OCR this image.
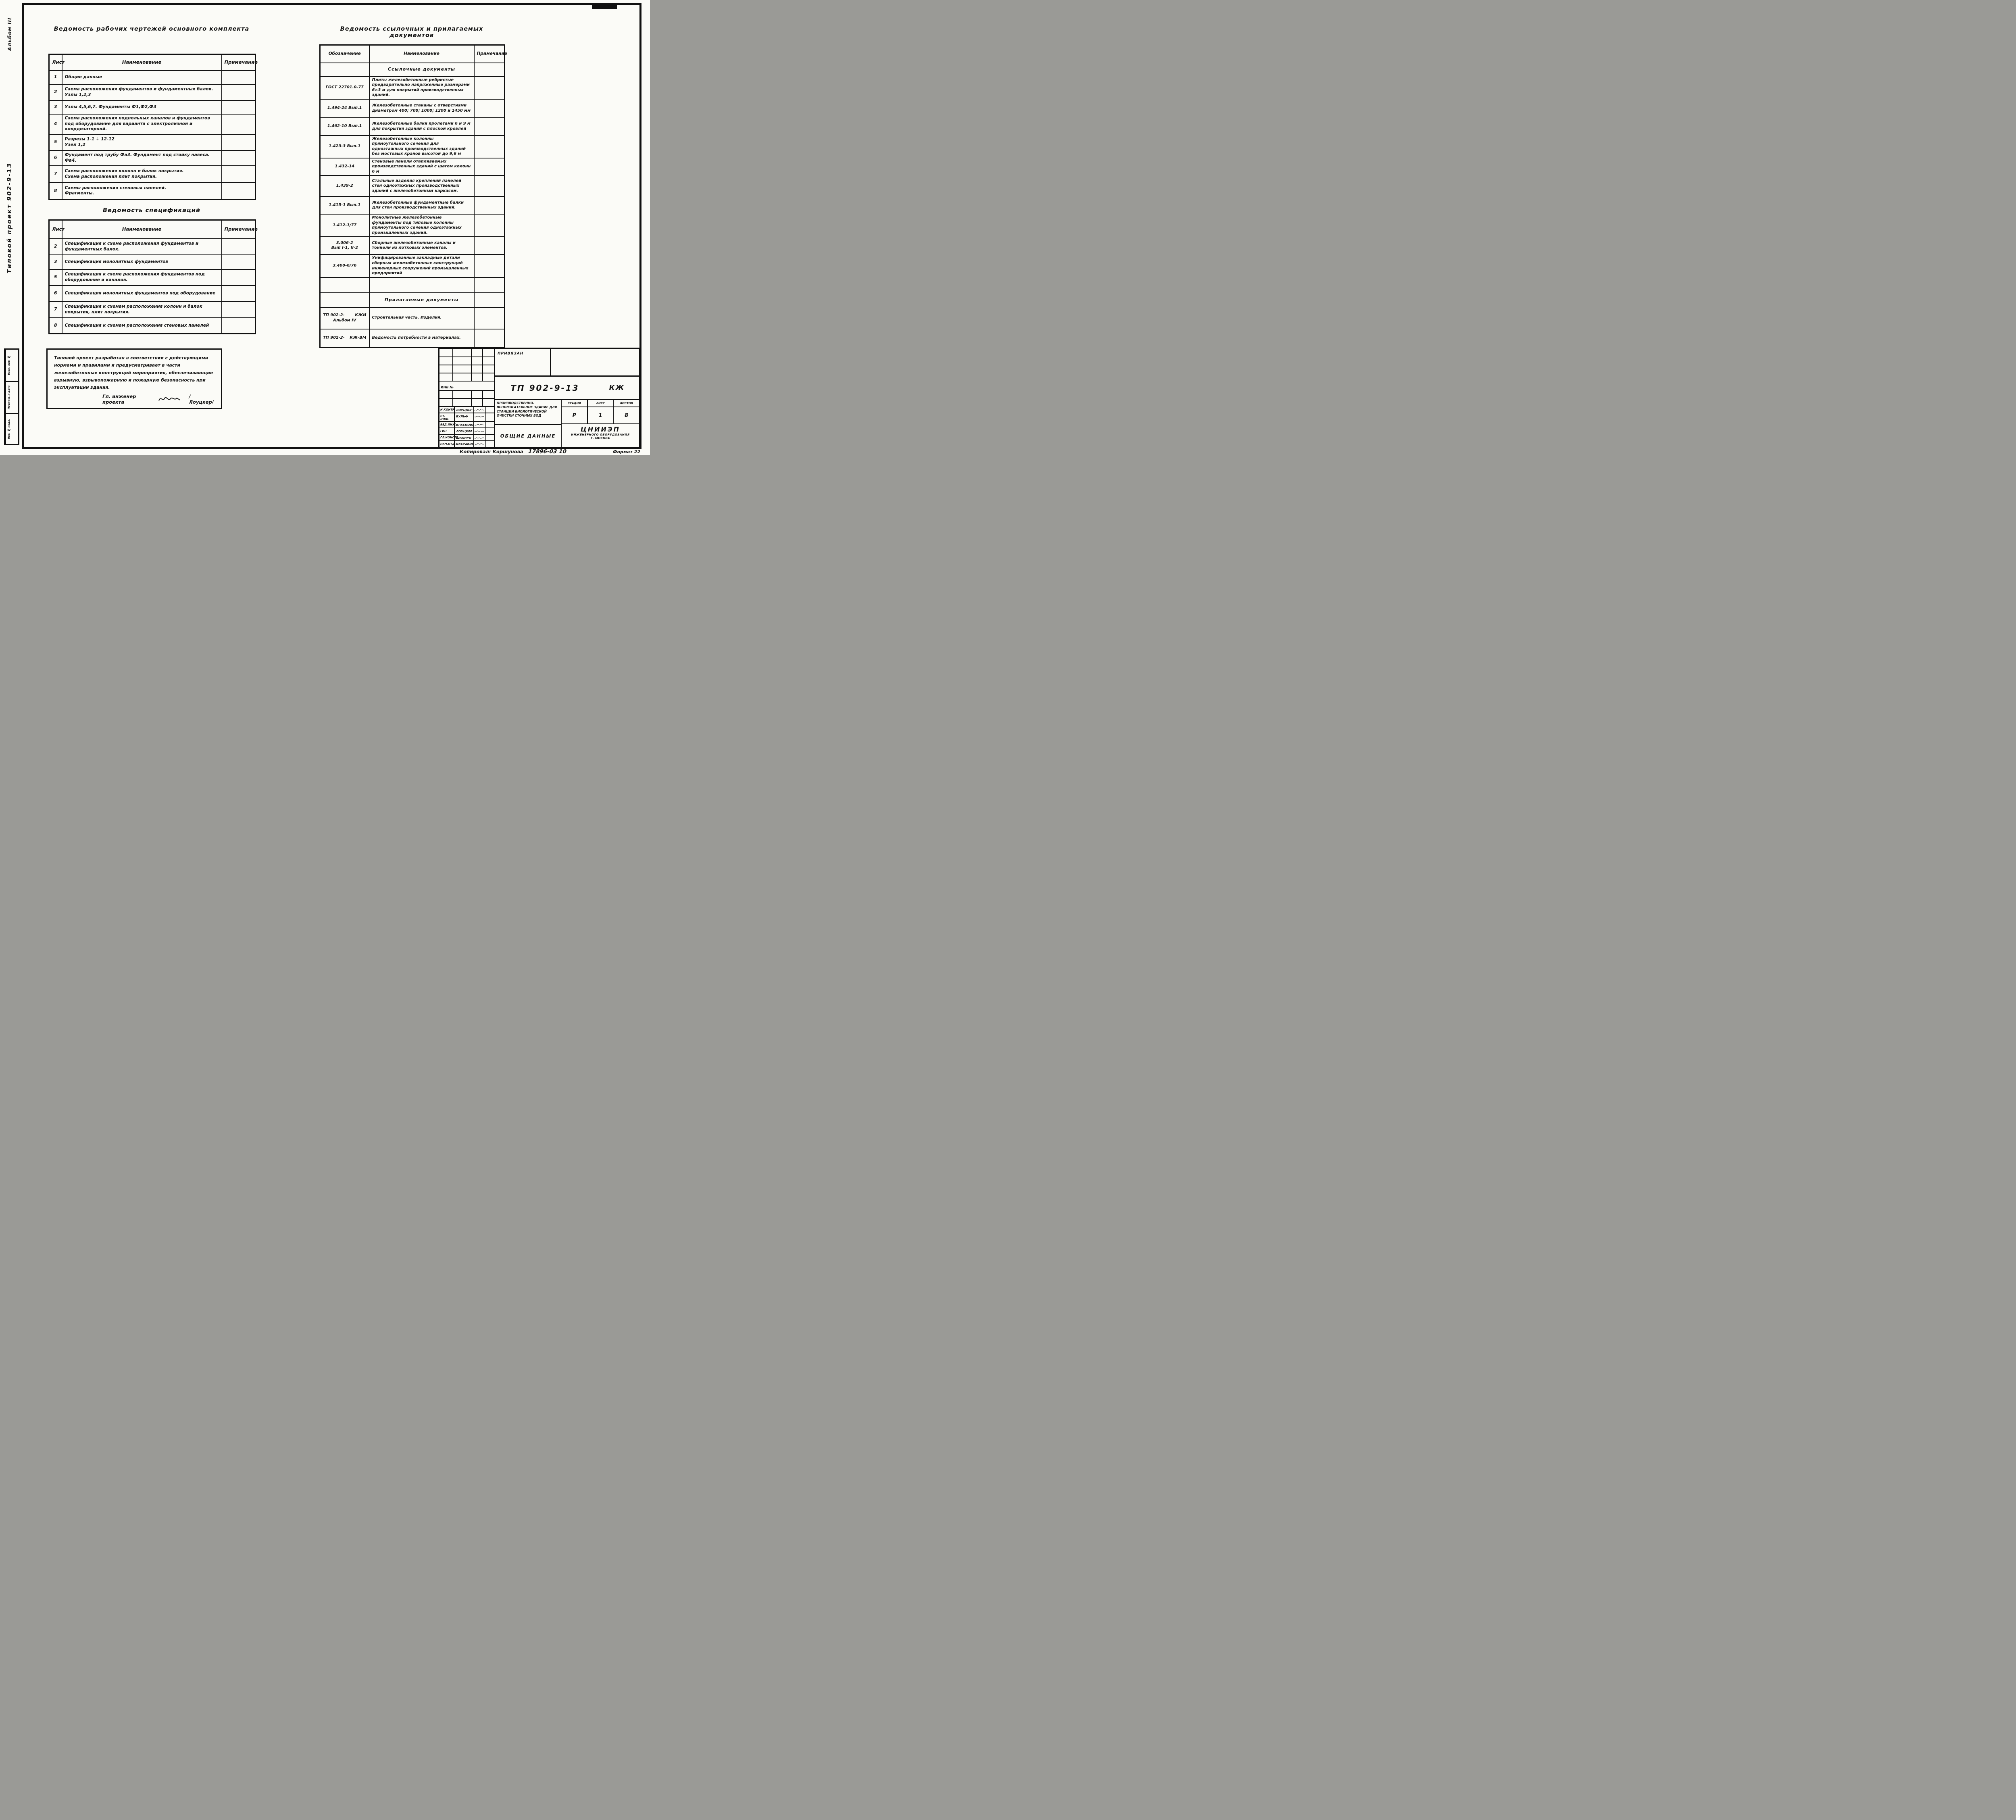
Альбом III
Типовой проект 902-9-13
Взам. инв. №
Подпись и дата
Инв. № подл.
Ведомость рабочих чертежей основного комплекта
Лист	Наименование	Примечание
1	Общие данные	
2	Схема расположения фундаментов и фундаментных балок. Узлы 1,2,3	
3	Узлы 4,5,6,7. Фундаменты Ф1,Ф2,Ф3	
4	Схема расположения подпольных каналов и фундаментов под оборудование для варианта с электролизной и хлордозаторной.	
5	Разрезы 1-1 ÷ 12-12
Узел 1,2	
6	Фундамент под трубу Фа3. Фундамент под стойку навеса. Фа4.	
7	Схема расположения колонн и балок покрытия.
Схема расположения плит покрытия.	
8	Схемы расположения стеновых панелей.
Фрагменты.	
Ведомость спецификаций
Лист	Наименование	Примечание
2	Спецификация к схеме расположения фундаментов и фундаментных балок.	
3	Спецификация монолитных фундаментов	
5	Спецификация к схеме расположения фундаментов под оборудование и каналов.	
6	Спецификация монолитных фундаментов под оборудование	
7	Спецификация к схемам расположения колонн и балок покрытия, плит покрытия.	
8	Спецификация к схемам расположения стеновых панелей	
Типовой проект разработан в соответствии с действующими нормами и правилами и предусматривает в части железобетонных конструкций мероприятия, обеспечивающие взрывную, взрывопожарную и пожарную безопасность при эксплуатации здания.
Гл. инженер проекта
/Лоуцкер/
Ведомость ссылочных и прилагаемых документов
Обозначение	Наименование	Примечание
	Ссылочные документы	
ГОСТ 22701.0-77	Плиты железобетонные ребристые предварительно напряженные размерами 6×3 м для покрытий производственных зданий.	
1.494-24 Вып.1	Железобетонные стаканы с отверстиями диаметром 400; 700; 1000; 1200 и 1450 мм	
1.462-10 Вып.1	Железобетонные балки пролетами 6 и 9 м для покрытия зданий с плоской кровлей	
1.423-3 Вып.1	Железобетонные колонны прямоугольного сечения для одноэтажных производственных зданий без мостовых кранов высотой до 9,6 м	
1.432-14	Стеновые панели отапливаемых производственных зданий с шагом колонн 6 м	
1.439-2	Стальные изделия креплений панелей стен одноэтажных производственных зданий с железобетонным каркасом.	
1.415-1 Вып.1	Железобетонные фундаментные балки для стен производственных зданий.	
1.412-1/77	Монолитные железобетонные фундаменты под типовые колонны прямоугольного сечения одноэтажных промышленных зданий.	
3.006-2
Вып I-1, II-2	Сборные железобетонные каналы и тоннели из лотковых элементов.	
3.400-6/76	Унифицированные закладные детали сборных железобетонных конструкций инженерных сооружений промышленных предприятий	

	Прилагаемые документы	

ТП 902-2- КЖИ
Альбом IV	Строительная часть. Изделия.	

ТП 902-2- КЖ-ВМ	Ведомость потребности в материалах.	
ИНВ №
Н.КОНТР. ЛОУЦКЕР
СТ. ИНЖ.
ВУЛЬФ
ВЕД.ИНЖ.
КРАСНОВА
ГИП	ЛОУЦКЕР
ГЛ.КОНСТР.
ШАПИРО
НАЧ.ОТД. КРАСАВИН
ПРИВЯЗАН
ТП 902-9-13	КЖ
ПРОИЗВОДСТВЕННО-ВСПОМОГАТЕЛЬНОЕ ЗДАНИЕ ДЛЯ СТАНЦИИ БИОЛОГИЧЕСКОЙ ОЧИСТКИ СТОЧНЫХ ВОД
ОБЩИЕ ДАННЫЕ
СТАДИЯ	ЛИСТ	ЛИСТОВ
Р	1	8
ЦНИИЭП
ИНЖЕНЕРНОГО ОБОРУДОВАНИЯ
Г. МОСКВА
Копировал: Коршунова 17896-03 10	Формат 22
